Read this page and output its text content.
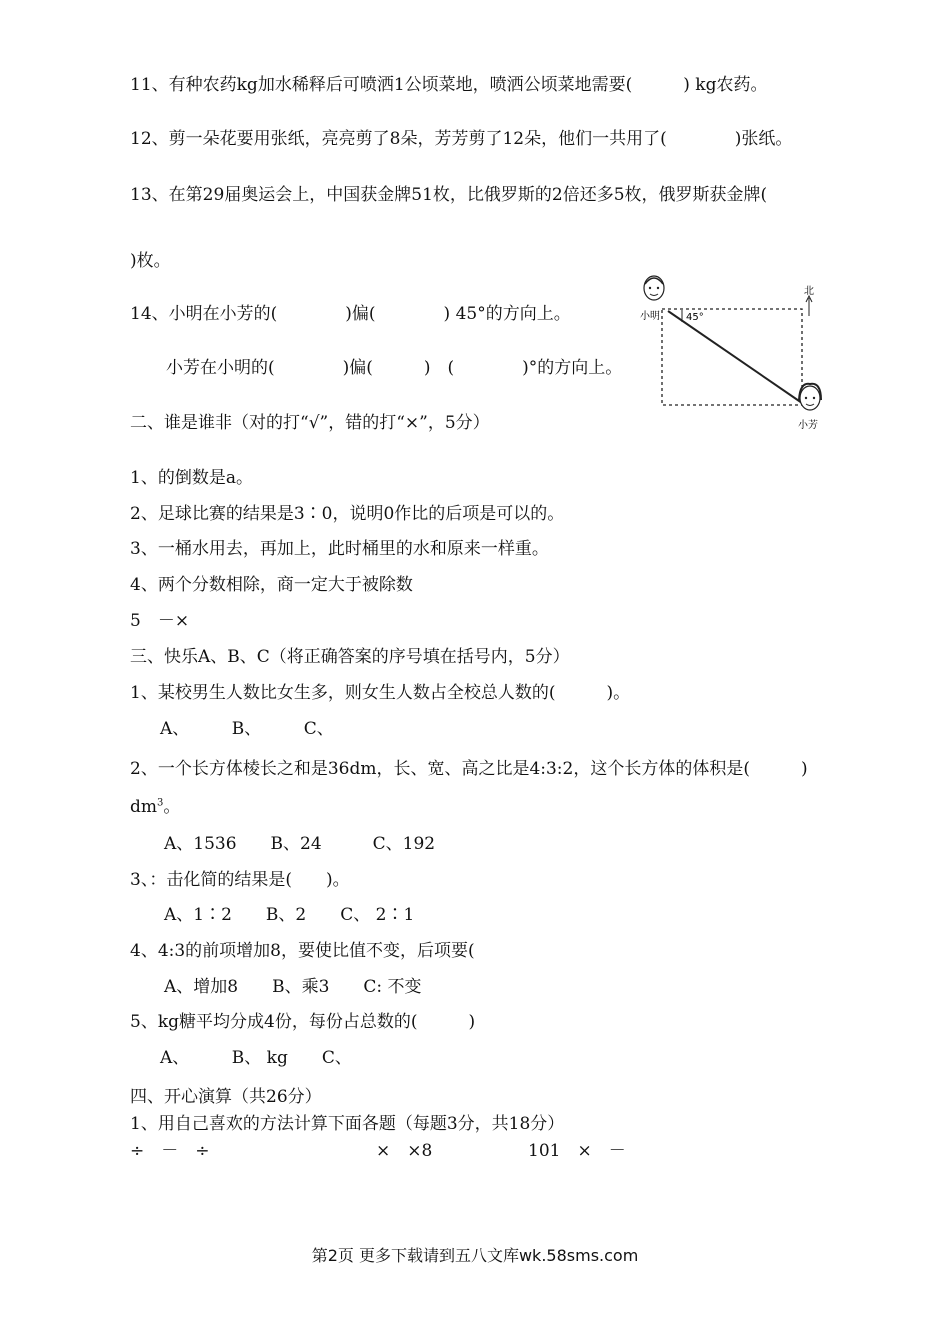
11、有种农药kg加水稀释后可喷洒1公顷菜地，喷洒公顷菜地需要(　　　) kg农药。
12、剪一朵花要用张纸，亮亮剪了8朵，芳芳剪了12朵，他们一共用了(　　　　)张纸。
13、在第29届奥运会上，中国获金牌51枚，比俄罗斯的2倍还多5枚，俄罗斯获金牌(
)枚。
14、小明在小芳的(　　　　)偏(　　　　) 45°的方向上。
小芳在小明的(　　　　)偏(　　　)　(　　　　)°的方向上。
小明	45°
北
小芳
二、谁是谁非（对的打“√”，错的打“×”，5分）
1、的倒数是a。
2、足球比赛的结果是3∶0，说明0作比的后项是可以的。
3、一桶水用去，再加上，此时桶里的水和原来一样重。
4、两个分数相除，商一定大于被除数
5　－×
三、快乐A、B、C（将正确答案的序号填在括号内，5分）
1、某校男生人数比女生多，则女生人数占全校总人数的(　　　)。
A、　　　B、　　　C、
2、一个长方体棱长之和是36dm，长、宽、高之比是4:3:2，这个长方体的体积是(　　　)
$dm^3$。
A、1536　　B、24　　　C、192
3、：击化简的结果是(　　)。
A、1∶2　　B、2　　C、 2∶1
4、4:3的前项增加8，要使比值不变，后项要(
A、增加8　　B、乘3　　C: 不变
5、kg糖平均分成4份，每份占总数的(　　　)
A、　　　B、 kg　　C、
四、开心演算（共26分）
1、用自己喜欢的方法计算下面各题（每题3分，共18分）
÷　－　÷	×　×8	101　×　－
第2页 更多下载请到五八文库wk.58sms.com
